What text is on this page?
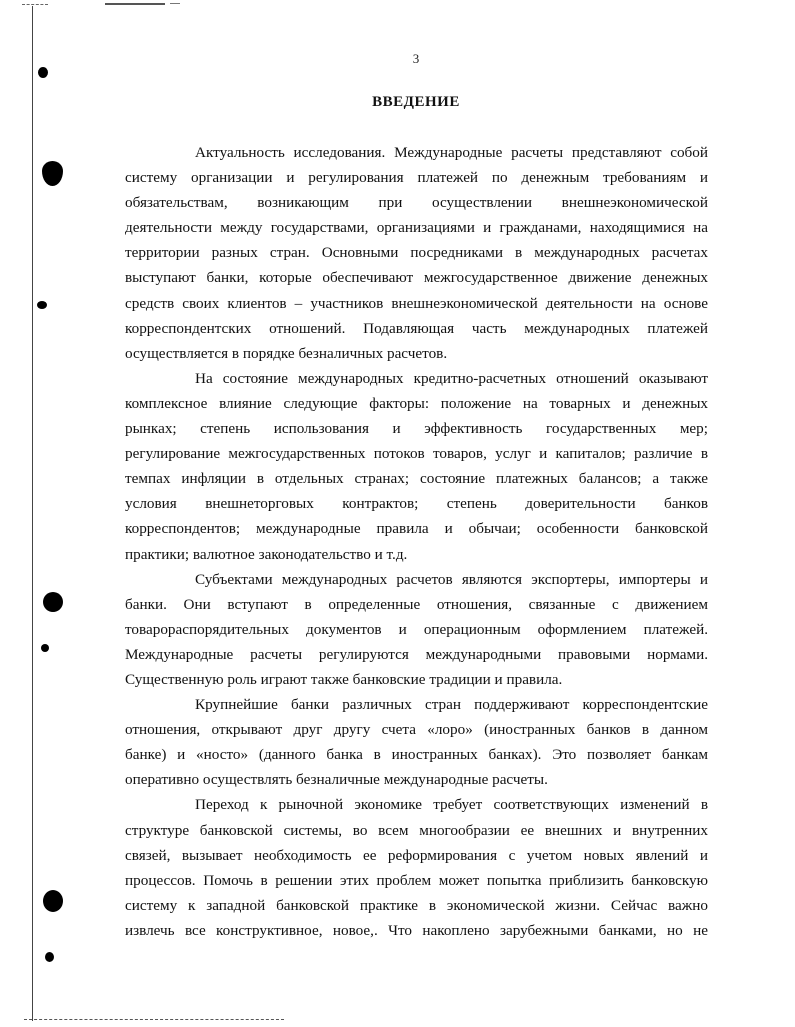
3
ВВЕДЕНИЕ
Актуальность исследования. Международные расчеты представляют собой
систему организации и регулирования платежей по денежным требованиям и
обязательствам, возникающим при осуществлении внешнеэкономической
деятельности между государствами, организациями и гражданами, находящимися на
территории разных стран. Основными посредниками в международных расчетах
выступают банки, которые обеспечивают межгосударственное движение денежных
средств своих клиентов – участников внешнеэкономической деятельности на основе
корреспондентских отношений. Подавляющая часть международных платежей
осуществляется в порядке безналичных расчетов.
На состояние международных кредитно-расчетных отношений оказывают
комплексное влияние следующие факторы: положение на товарных и денежных
рынках; степень использования и эффективность государственных мер;
регулирование межгосударственных потоков товаров, услуг и капиталов; различие в
темпах инфляции в отдельных странах; состояние платежных балансов; а также
условия внешнеторговых контрактов; степень доверительности банков
корреспондентов; международные правила и обычаи; особенности банковской
практики; валютное законодательство и т.д.
Субъектами международных расчетов являются экспортеры, импортеры и
банки. Они вступают в определенные отношения, связанные с движением
товарораспорядительных документов и операционным оформлением платежей.
Международные расчеты регулируются международными правовыми нормами.
Существенную роль играют также банковские традиции и правила.
Крупнейшие банки различных стран поддерживают корреспондентские
отношения, открывают друг другу счета «лоро» (иностранных банков в данном
банке) и «носто» (данного банка в иностранных банках). Это позволяет банкам
оперативно осуществлять безналичные международные расчеты.
Переход к рыночной экономике требует соответствующих изменений в
структуре банковской системы, во всем многообразии ее внешних и внутренних
связей, вызывает необходимость ее реформирования с учетом новых явлений и
процессов. Помочь в решении этих проблем может попытка приблизить банковскую
систему к западной банковской практике в экономической жизни. Сейчас важно
извлечь все конструктивное, новое,. Что накоплено зарубежными банками, но не
